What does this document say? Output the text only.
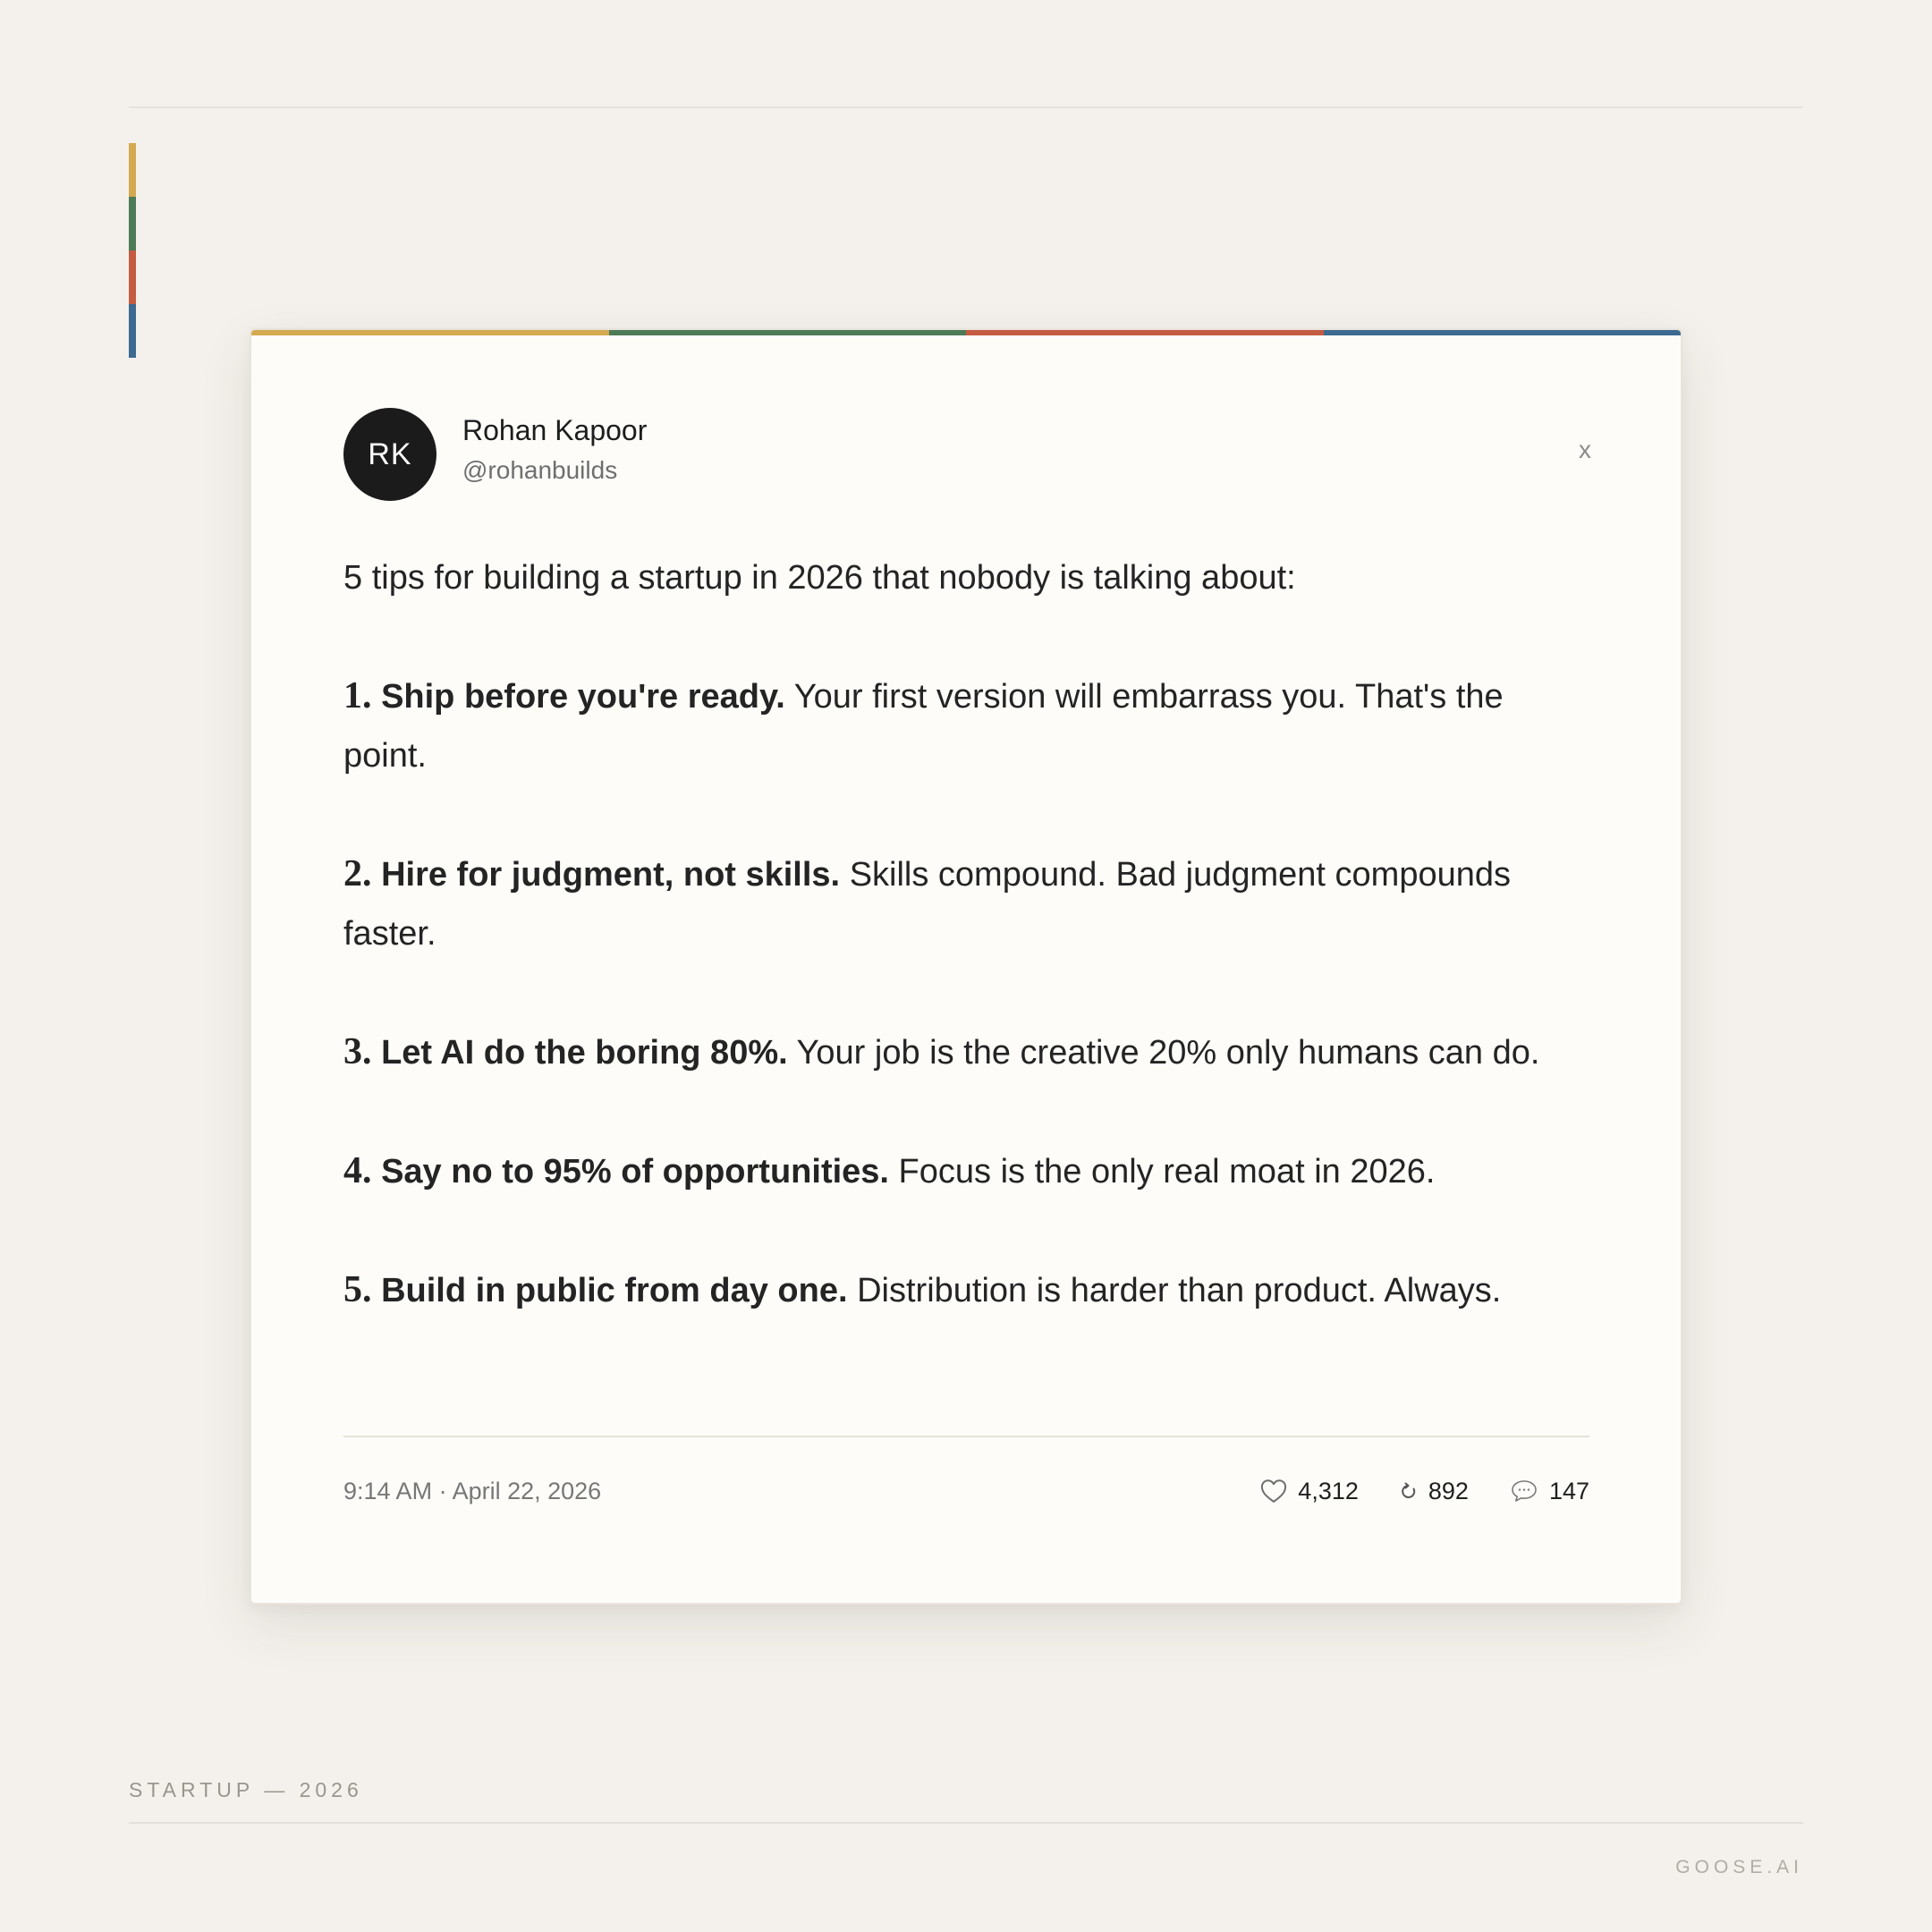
RK
Rohan Kapoor
@rohanbuilds
x

5 tips for building a startup in 2026 that nobody is talking about:

1. Ship before you're ready. Your first version will embarrass you. That's the point.

2. Hire for judgment, not skills. Skills compound. Bad judgment compounds faster.

3. Let AI do the boring 80%. Your job is the creative 20% only humans can do.

4. Say no to 95% of opportunities. Focus is the only real moat in 2026.

5. Build in public from day one. Distribution is harder than product. Always.

9:14 AM · April 22, 2026	4,312	892	147
STARTUP — 2026
GOOSE.AI
